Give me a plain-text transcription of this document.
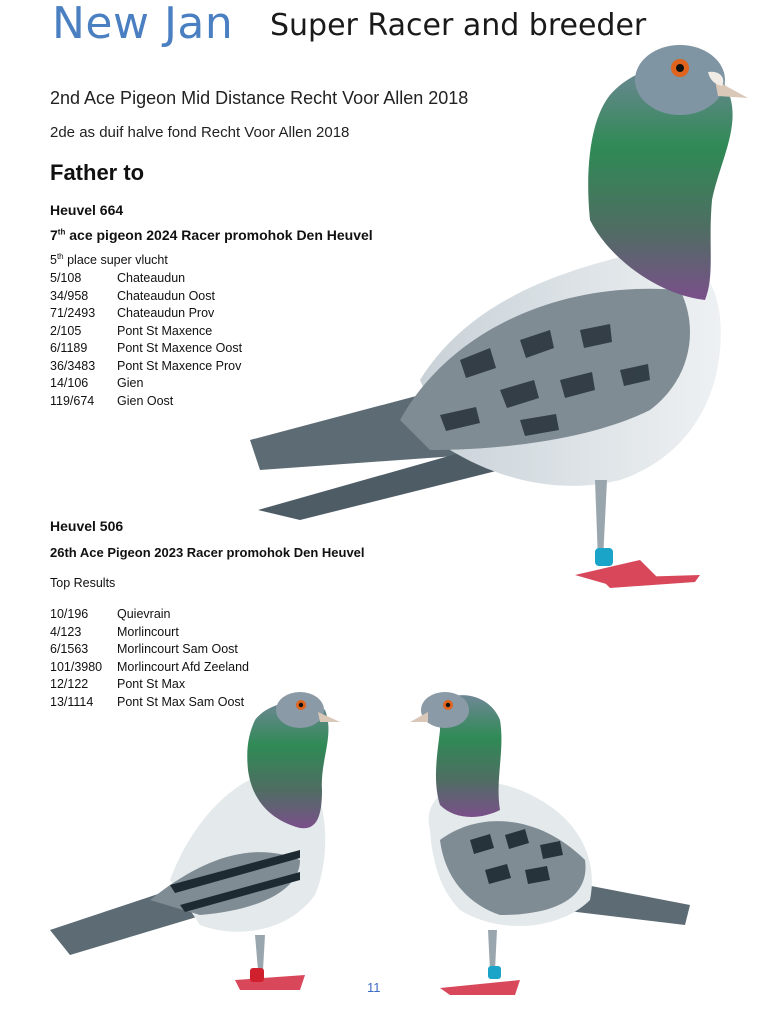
New Jan Super Racer and breeder
2nd Ace Pigeon Mid Distance Recht Voor Allen 2018
2de as duif halve fond Recht Voor Allen 2018
Father to
Heuvel 664
7th ace pigeon 2024 Racer promohok Den Heuvel
5th place super vlucht
5/108	Chateaudun
34/958	Chateaudun Oost
71/2493	Chateaudun Prov
2/105	Pont St Maxence
6/1189	Pont St Maxence Oost
36/3483	Pont St Maxence Prov
14/106	Gien
119/674	Gien Oost
Heuvel 506
26th Ace Pigeon 2023 Racer promohok Den Heuvel
Top Results
10/196	Quievrain
4/123	Morlincourt
6/1563	Morlincourt Sam Oost
101/3980	Morlincourt Afd Zeeland
12/122	Pont St Max
13/1114	Pont St Max Sam Oost
11
